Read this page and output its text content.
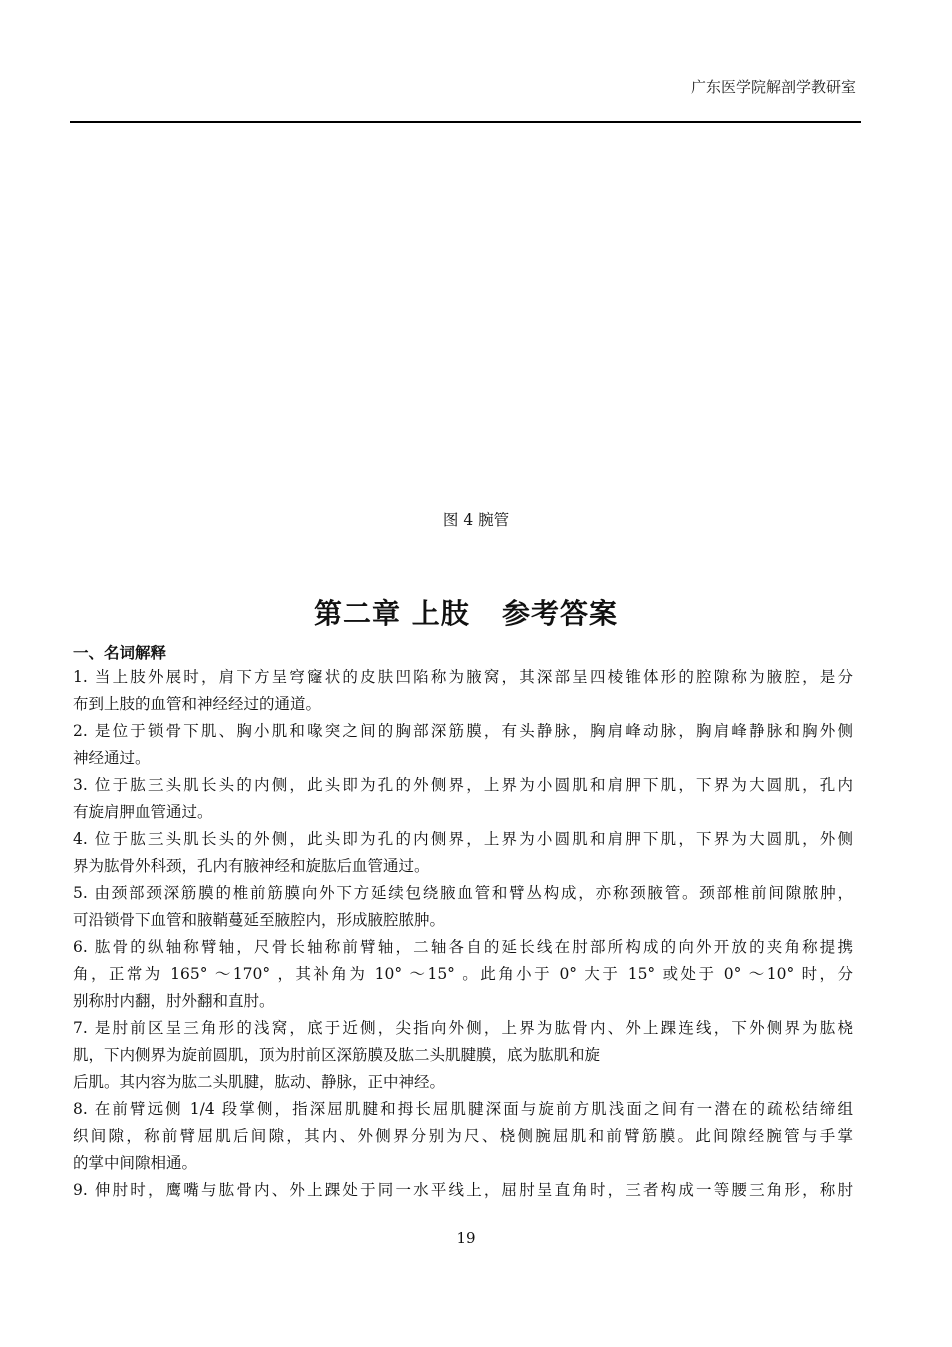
广东医学院解剖学教研室
图 4 腕管
第二章 上肢   参考答案
一、名词解释
1. 当上肢外展时，肩下方呈穹窿状的皮肤凹陷称为腋窝，其深部呈四棱锥体形的腔隙称为腋腔，是分
布到上肢的血管和神经经过的通道。
2. 是位于锁骨下肌、胸小肌和喙突之间的胸部深筋膜，有头静脉，胸肩峰动脉，胸肩峰静脉和胸外侧
神经通过。
3. 位于肱三头肌长头的内侧，此头即为孔的外侧界，上界为小圆肌和肩胛下肌，下界为大圆肌，孔内
有旋肩胛血管通过。
4. 位于肱三头肌长头的外侧，此头即为孔的内侧界，上界为小圆肌和肩胛下肌，下界为大圆肌，外侧
界为肱骨外科颈，孔内有腋神经和旋肱后血管通过。
5. 由颈部颈深筋膜的椎前筋膜向外下方延续包绕腋血管和臂丛构成，亦称颈腋管。颈部椎前间隙脓肿，
可沿锁骨下血管和腋鞘蔓延至腋腔内，形成腋腔脓肿。
6. 肱骨的纵轴称臂轴，尺骨长轴称前臂轴，二轴各自的延长线在肘部所构成的向外开放的夹角称提携
角，正常为 165° ～170° ，其补角为 10° ～15° 。此角小于 0° 大于 15° 或处于 0° ～10° 时，分
别称肘内翻，肘外翻和直肘。
7. 是肘前区呈三角形的浅窝，底于近侧，尖指向外侧，上界为肱骨内、外上踝连线，下外侧界为肱桡
肌，下内侧界为旋前圆肌，顶为肘前区深筋膜及肱二头肌腱膜，底为肱肌和旋
后肌。其内容为肱二头肌腱，肱动、静脉，正中神经。
8. 在前臂远侧 1/4 段掌侧，指深屈肌腱和拇长屈肌腱深面与旋前方肌浅面之间有一潜在的疏松结缔组
织间隙，称前臂屈肌后间隙，其内、外侧界分别为尺、桡侧腕屈肌和前臂筋膜。此间隙经腕管与手掌
的掌中间隙相通。
9. 伸肘时，鹰嘴与肱骨内、外上踝处于同一水平线上，屈肘呈直角时，三者构成一等腰三角形，称肘
19
